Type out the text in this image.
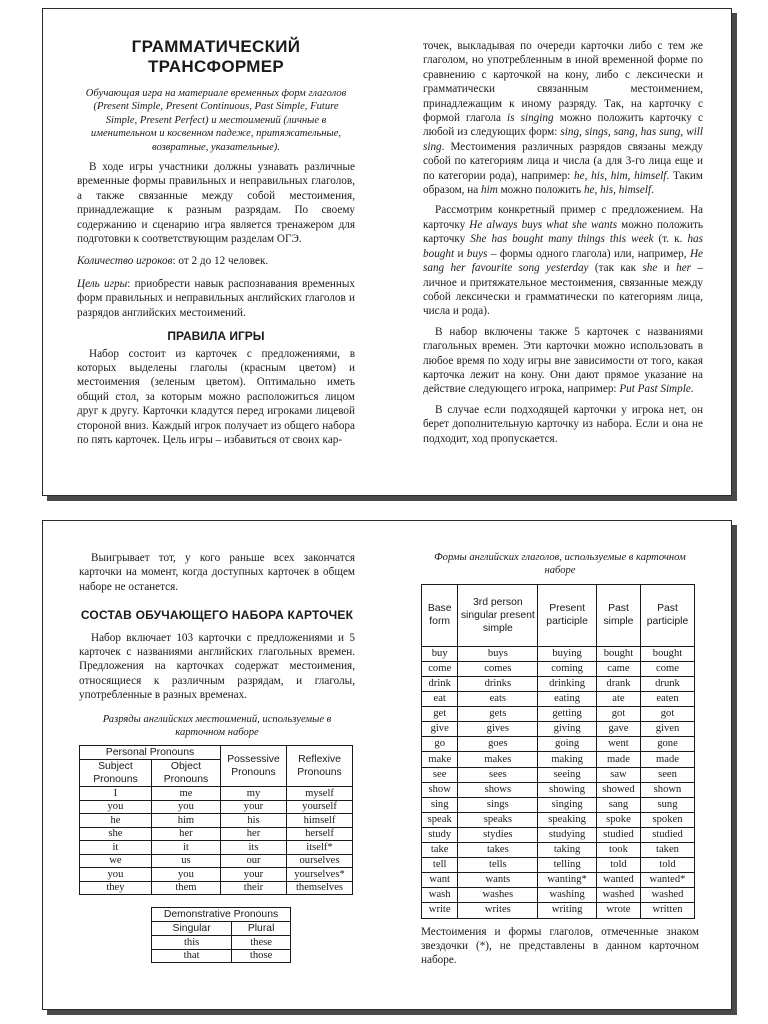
ГРАММАТИЧЕСКИЙ
ТРАНСФОРМЕР
Обучающая игра на материале временных форм глаголов (Present Simple, Present Continuous, Past Simple, Future Simple, Present Perfect) и местоимений (личные в именительном и косвенном падеже, притяжательные, возвратные, указательные).

В ходе игры участники должны узнавать различные временные формы правильных и неправильных глаголов, а также связанные между собой местоимения, принадлежащие к разным разрядам. По своему содержанию и сценарию игра является тренажером для подготовки к соответствующим разделам ОГЭ.

Количество игроков: от 2 до 12 человек.

Цель игры: приобрести навык распознавания временных форм правильных и неправильных английских глаголов и разрядов английских местоимений.

ПРАВИЛА ИГРЫ

Набор состоит из карточек с предложениями, в которых выделены глаголы (красным цветом) и местоимения (зеленым цветом). Оптимально иметь общий стол, за которым можно расположиться лицом друг к другу. Карточки кладутся перед игроками лицевой стороной вниз. Каждый игрок получает из общего набора по пять карточек. Цель игры – избавиться от своих кар-

точек, выкладывая по очереди карточки либо с тем же глаголом, но употребленным в иной временной форме по сравнению с карточкой на кону, либо с лексически и грамматически связанным местоимением, принадлежащим к иному разряду. Так, на карточку с формой глагола is singing можно положить карточку с любой из следующих форм: sing, sings, sang, has sung, will sing. Местоимения различных разрядов связаны между собой по категориям лица и числа (а для 3-го лица еще и по категории рода), например: he, his, him, himself. Таким образом, на him можно положить he, his, himself.

Рассмотрим конкретный пример с предложением. На карточку He always buys what she wants можно положить карточку She has bought many things this week (т. к. has bought и buys – формы одного глагола) или, например, He sang her favourite song yesterday (так как she и her – личное и притяжательное местоимения, связанные между собой лексически и грамматически по категориям лица, числа и рода).

В набор включены также 5 карточек с названиями глагольных времен. Эти карточки можно использовать в любое время по ходу игры вне зависимости от того, какая карточка лежит на кону. Они дают прямое указание на действие следующего игрока, например: Put Past Simple.

В случае если подходящей карточки у игрока нет, он берет дополнительную карточку из набора. Если и она не подходит, ход пропускается.

Выигрывает тот, у кого раньше всех закончатся карточки на момент, когда доступных карточек в общем наборе не останется.

СОСТАВ ОБУЧАЮЩЕГО НАБОРА КАРТОЧЕК

Набор включает 103 карточки с предложениями и 5 карточек с названиями английских глагольных времен. Предложения на карточках содержат местоимения, относящиеся к различным разрядам, и глаголы, употребленные в разных временах.

Разряды английских местоимений, используемые в карточном наборе
Personal Pronouns		Possessive Pronouns	Reflexive Pronouns
Subject Pronouns	Object Pronouns		
I	me	my	myself
you	you	your	yourself
he	him	his	himself
she	her	her	herself
it	it	its	itself*
we	us	our	ourselves
you	you	your	yourselves*
they	them	their	themselves
Demonstrative Pronouns	
Singular	Plural
this	these
that	those
Формы английских глаголов, используемые в карточном наборе
Base form	3rd person singular present simple	Present participle	Past simple	Past participle
buy	buys	buying	bought	bought
come	comes	coming	came	come
drink	drinks	drinking	drank	drunk
eat	eats	eating	ate	eaten
get	gets	getting	got	got
give	gives	giving	gave	given
go	goes	going	went	gone
make	makes	making	made	made
see	sees	seeing	saw	seen
show	shows	showing	showed	shown
sing	sings	singing	sang	sung
speak	speaks	speaking	spoke	spoken
study	stydies	studying	studied	studied
take	takes	taking	took	taken
tell	tells	telling	told	told
want	wants	wanting*	wanted	wanted*
wash	washes	washing	washed	washed
write	writes	writing	wrote	written

Местоимения и формы глаголов, отмеченные знаком звездочки (*), не представлены в данном карточном наборе.
